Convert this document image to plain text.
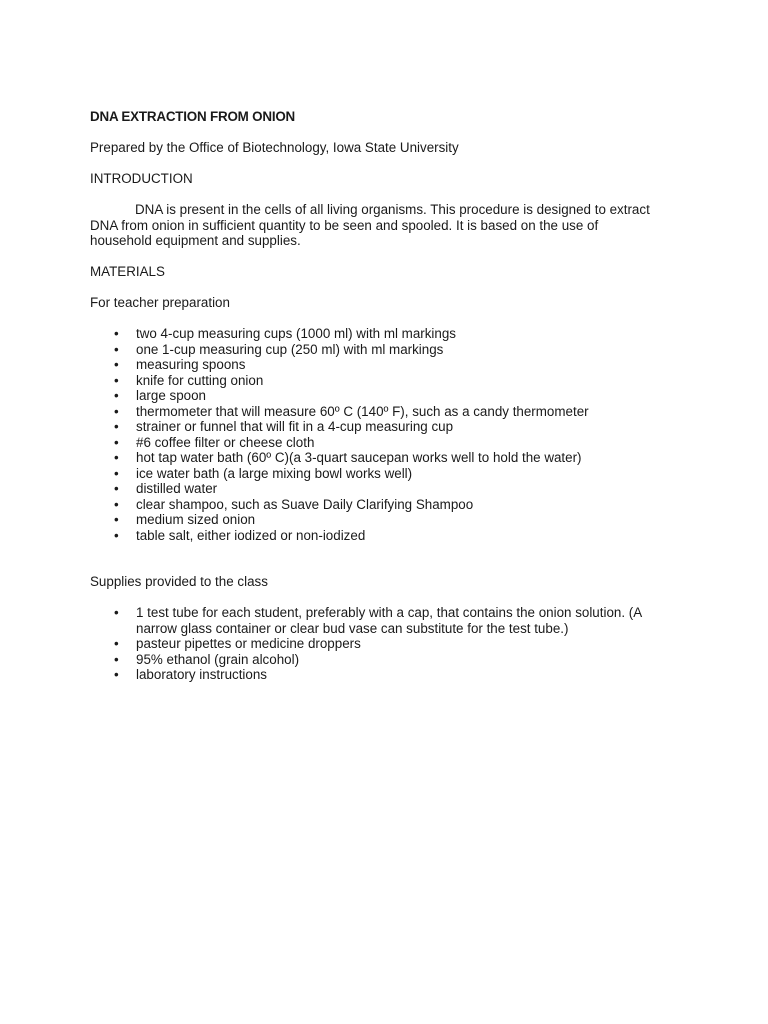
DNA EXTRACTION FROM ONION
Prepared by the Office of Biotechnology, Iowa State University
INTRODUCTION
DNA is present in the cells of all living organisms. This procedure is designed to extract
DNA from onion in sufficient quantity to be seen and spooled. It is based on the use of
household equipment and supplies.
MATERIALS
For teacher preparation
• two 4-cup measuring cups (1000 ml) with ml markings
• one 1-cup measuring cup (250 ml) with ml markings
• measuring spoons
• knife for cutting onion
• large spoon
• thermometer that will measure 60º C (140º F), such as a candy thermometer
• strainer or funnel that will fit in a 4-cup measuring cup
• #6 coffee filter or cheese cloth
• hot tap water bath (60º C)(a 3-quart saucepan works well to hold the water)
• ice water bath (a large mixing bowl works well)
• distilled water
• clear shampoo, such as Suave Daily Clarifying Shampoo
• medium sized onion
• table salt, either iodized or non-iodized
Supplies provided to the class
• 1 test tube for each student, preferably with a cap, that contains the onion solution. (A narrow glass container or clear bud vase can substitute for the test tube.)
• pasteur pipettes or medicine droppers
• 95% ethanol (grain alcohol)
• laboratory instructions
